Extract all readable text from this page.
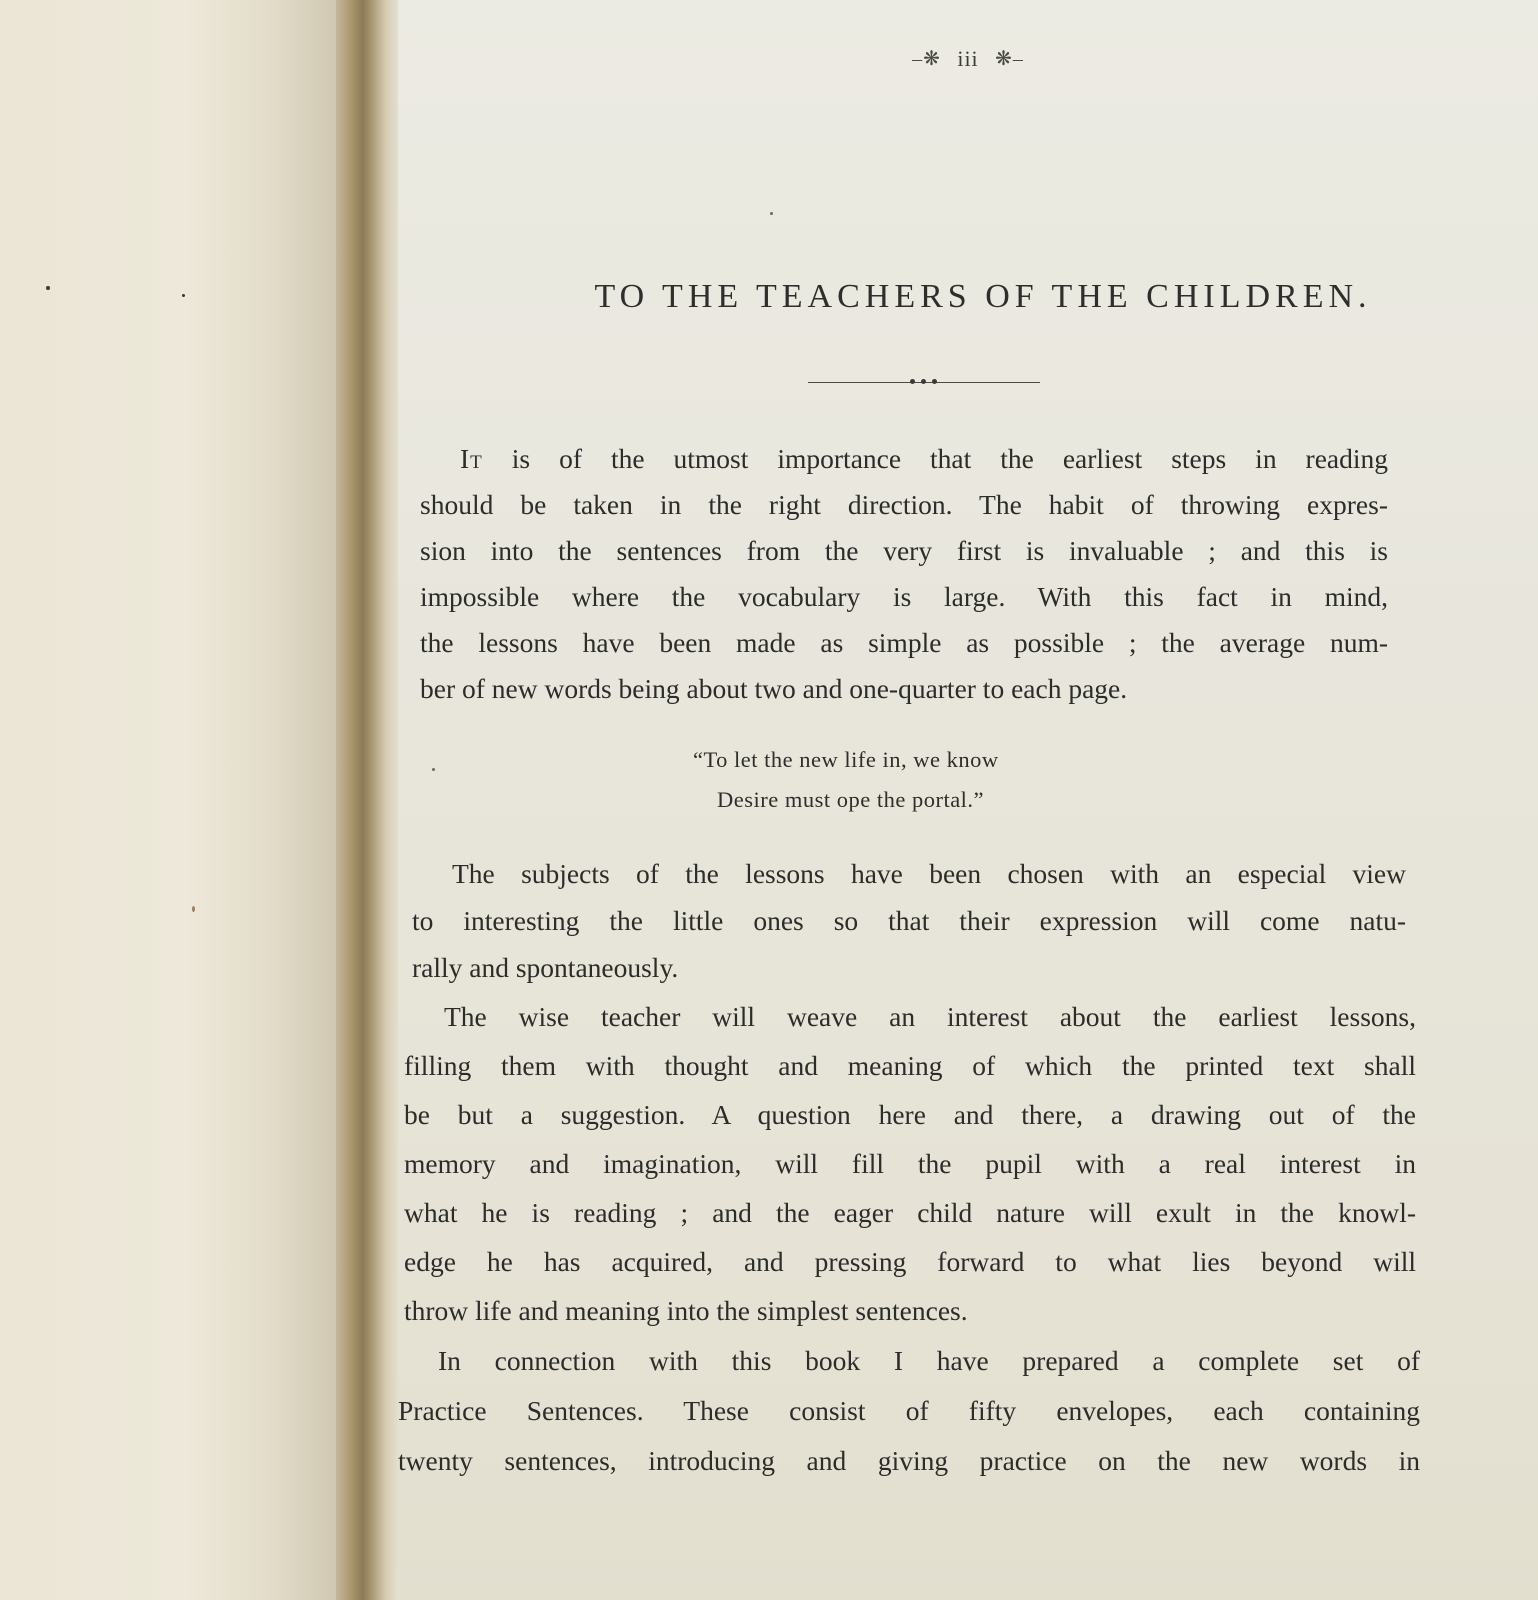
‒❋ iii ❋‒
TO THE TEACHERS OF THE CHILDREN.
It is of the utmost importance that the earliest steps in reading
should be taken in the right direction. The habit of throwing expres-
sion into the sentences from the very first is invaluable ; and this is
impossible where the vocabulary is large. With this fact in mind,
the lessons have been made as simple as possible ; the average num-
ber of new words being about two and one-quarter to each page.
“To let the new life in, we know
Desire must ope the portal.”
The subjects of the lessons have been chosen with an especial view
to interesting the little ones so that their expression will come natu-
rally and spontaneously.
The wise teacher will weave an interest about the earliest lessons,
filling them with thought and meaning of which the printed text shall
be but a suggestion. A question here and there, a drawing out of the
memory and imagination, will fill the pupil with a real interest in
what he is reading ; and the eager child nature will exult in the knowl-
edge he has acquired, and pressing forward to what lies beyond will
throw life and meaning into the simplest sentences.
In connection with this book I have prepared a complete set of
Practice Sentences. These consist of fifty envelopes, each containing
twenty sentences, introducing and giving practice on the new words in
